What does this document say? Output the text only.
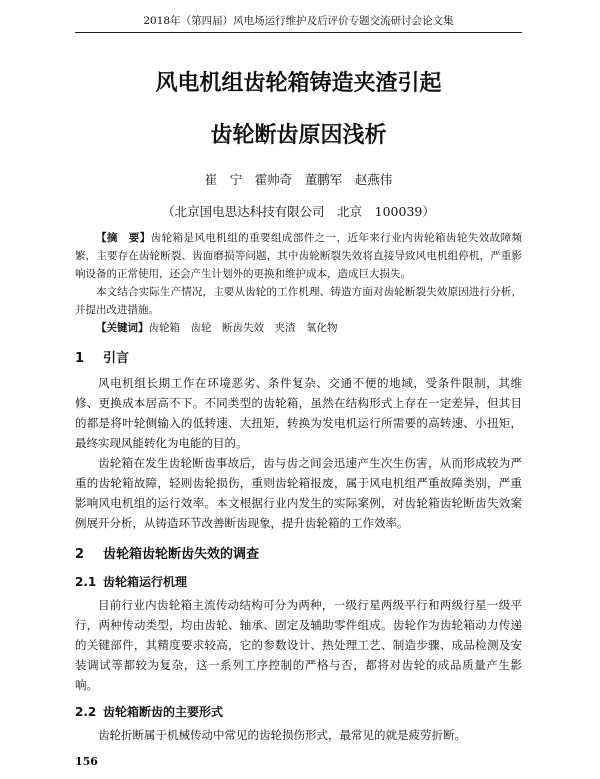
2018年（第四届）风电场运行维护及后评价专题交流研讨会论文集
风电机组齿轮箱铸造夹渣引起
齿轮断齿原因浅析
崔　宁　霍帅奇　董鹏军　赵燕伟
（北京国电思达科技有限公司　北京　100039）

【摘　要】齿轮箱是风电机组的重要组成部件之一，近年来行业内齿轮箱齿轮失效故障频繁，主要存在齿轮断裂、齿面磨损等问题，其中齿轮断裂失效将直接导致风电机组停机，严重影响设备的正常使用，还会产生计划外的更换和维护成本，造成巨大损失。

本文结合实际生产情况，主要从齿轮的工作机理、铸造方面对齿轮断裂失效原因进行分析，并提出改进措施。

【关键词】齿轮箱　齿轮　断齿失效　夹渣　氧化物

1 引言

风电机组长期工作在环境恶劣、条件复杂、交通不便的地域，受条件限制，其维修、更换成本居高不下。不同类型的齿轮箱，虽然在结构形式上存在一定差异，但其目的都是将叶轮侧输入的低转速、大扭矩，转换为发电机运行所需要的高转速、小扭矩，最终实现风能转化为电能的目的。

齿轮箱在发生齿轮断齿事故后，齿与齿之间会迅速产生次生伤害，从而形成较为严重的齿轮箱故障，轻则齿轮损伤，重则齿轮箱报废，属于风电机组严重故障类别，严重影响风电机组的运行效率。本文根据行业内发生的实际案例，对齿轮箱齿轮断齿失效案例展开分析，从铸造环节改善断齿现象，提升齿轮箱的工作效率。

2 齿轮箱齿轮断齿失效的调查
2.1 齿轮箱运行机理

目前行业内齿轮箱主流传动结构可分为两种，一级行星两级平行和两级行星一级平行，两种传动类型，均由齿轮、轴承、固定及辅助零件组成。齿轮作为齿轮箱动力传递的关键部件，其精度要求较高，它的参数设计、热处理工艺、制造步骤、成品检测及安装调试等都较为复杂，这一系列工序控制的严格与否，都将对齿轮的成品质量产生影响。

2.2 齿轮箱断齿的主要形式

齿轮折断属于机械传动中常见的齿轮损伤形式，最常见的就是疲劳折断。

156
